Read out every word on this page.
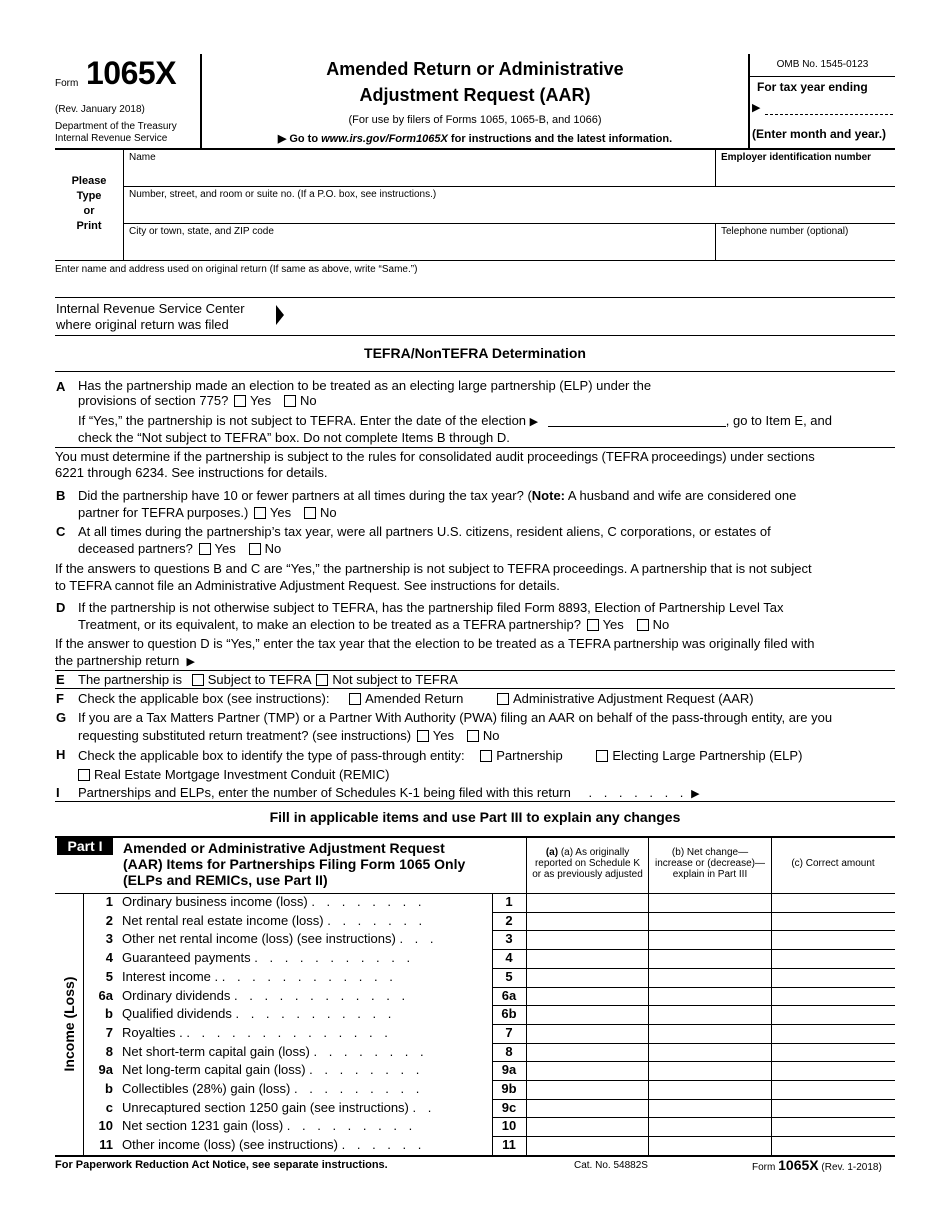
Form 1065X
(Rev. January 2018)
Department of the Treasury
Internal Revenue Service
Amended Return or Administrative
Adjustment Request (AAR)
(For use by filers of Forms 1065, 1065-B, and 1066)
▶ Go to www.irs.gov/Form1065X for instructions and the latest information.
OMB No. 1545-0123
For tax year ending
▶
(Enter month and year.)
Please
Type
or
Print
Name	Employer identification number
Number, street, and room or suite no. (If a P.O. box, see instructions.)
City or town, state, and ZIP code	Telephone number (optional)
Enter name and address used on original return (If same as above, write “Same.”)
Internal Revenue Service Center
where original return was filed
TEFRA/NonTEFRA Determination
A Has the partnership made an election to be treated as an electing large partnership (ELP) under the
provisions of section 775? Yes No
If “Yes,” the partnership is not subject to TEFRA. Enter the date of the election ▶	, go to Item E, and
check the “Not subject to TEFRA” box. Do not complete Items B through D.
You must determine if the partnership is subject to the rules for consolidated audit proceedings (TEFRA proceedings) under sections
6221 through 6234. See instructions for details.
B Did the partnership have 10 or fewer partners at all times during the tax year? (Note: A husband and wife are considered one
partner for TEFRA purposes.) Yes No
C At all times during the partnership’s tax year, were all partners U.S. citizens, resident aliens, C corporations, or estates of
deceased partners? Yes No
If the answers to questions B and C are “Yes,” the partnership is not subject to TEFRA proceedings. A partnership that is not subject
to TEFRA cannot file an Administrative Adjustment Request. See instructions for details.
D If the partnership is not otherwise subject to TEFRA, has the partnership filed Form 8893, Election of Partnership Level Tax
Treatment, or its equivalent, to make an election to be treated as a TEFRA partnership? Yes No
If the answer to question D is “Yes,” enter the tax year that the election to be treated as a TEFRA partnership was originally filed with
the partnership return ▶
E The partnership is Subject to TEFRA Not subject to TEFRA
F Check the applicable box (see instructions):	Amended Return	Administrative Adjustment Request (AAR)
G If you are a Tax Matters Partner (TMP) or a Partner With Authority (PWA) filing an AAR on behalf of the pass-through entity, are you
requesting substituted return treatment? (see instructions) Yes No
H Check the applicable box to identify the type of pass-through entity: Partnership	Electing Large Partnership (ELP)
Real Estate Mortgage Investment Conduit (REMIC)
I Partnerships and ELPs, enter the number of Schedules K-1 being filed with this return . . . . . . . ▶
Fill in applicable items and use Part III to explain any changes
Part I	Amended or Administrative Adjustment Request
(AAR) Items for Partnerships Filing Form 1065 Only
(ELPs and REMICs, use Part II)
(a) (a) As originally
reported on Schedule K
or as previously adjusted
(b) Net change—
increase or (decrease)—
explain in Part III
(c) Correct amount
Income (Loss)
1 Ordinary business income (loss) . . . . . . . .	1
2 Net rental real estate income (loss) . . . . . . .	2
3 Other net rental income (loss) (see instructions) . . .	3
4 Guaranteed payments . . . . . . . . . . .	4
5 Interest income . . . . . . . . . . . . .	5
6a Ordinary dividends . . . . . . . . . . . .	6a
b Qualified dividends . . . . . . . . . . .	6b
7 Royalties . . . . . . . . . . . . . . .	7
8 Net short-term capital gain (loss) . . . . . . . .	8
9a Net long-term capital gain (loss) . . . . . . . .	9a
b Collectibles (28%) gain (loss) . . . . . . . . .	9b
c Unrecaptured section 1250 gain (see instructions) . .	9c
10 Net section 1231 gain (loss) . . . . . . . . .	10
11 Other income (loss) (see instructions) . . . . . .	11
For Paperwork Reduction Act Notice, see separate instructions.	Cat. No. 54882S	Form 1065X (Rev. 1-2018)
